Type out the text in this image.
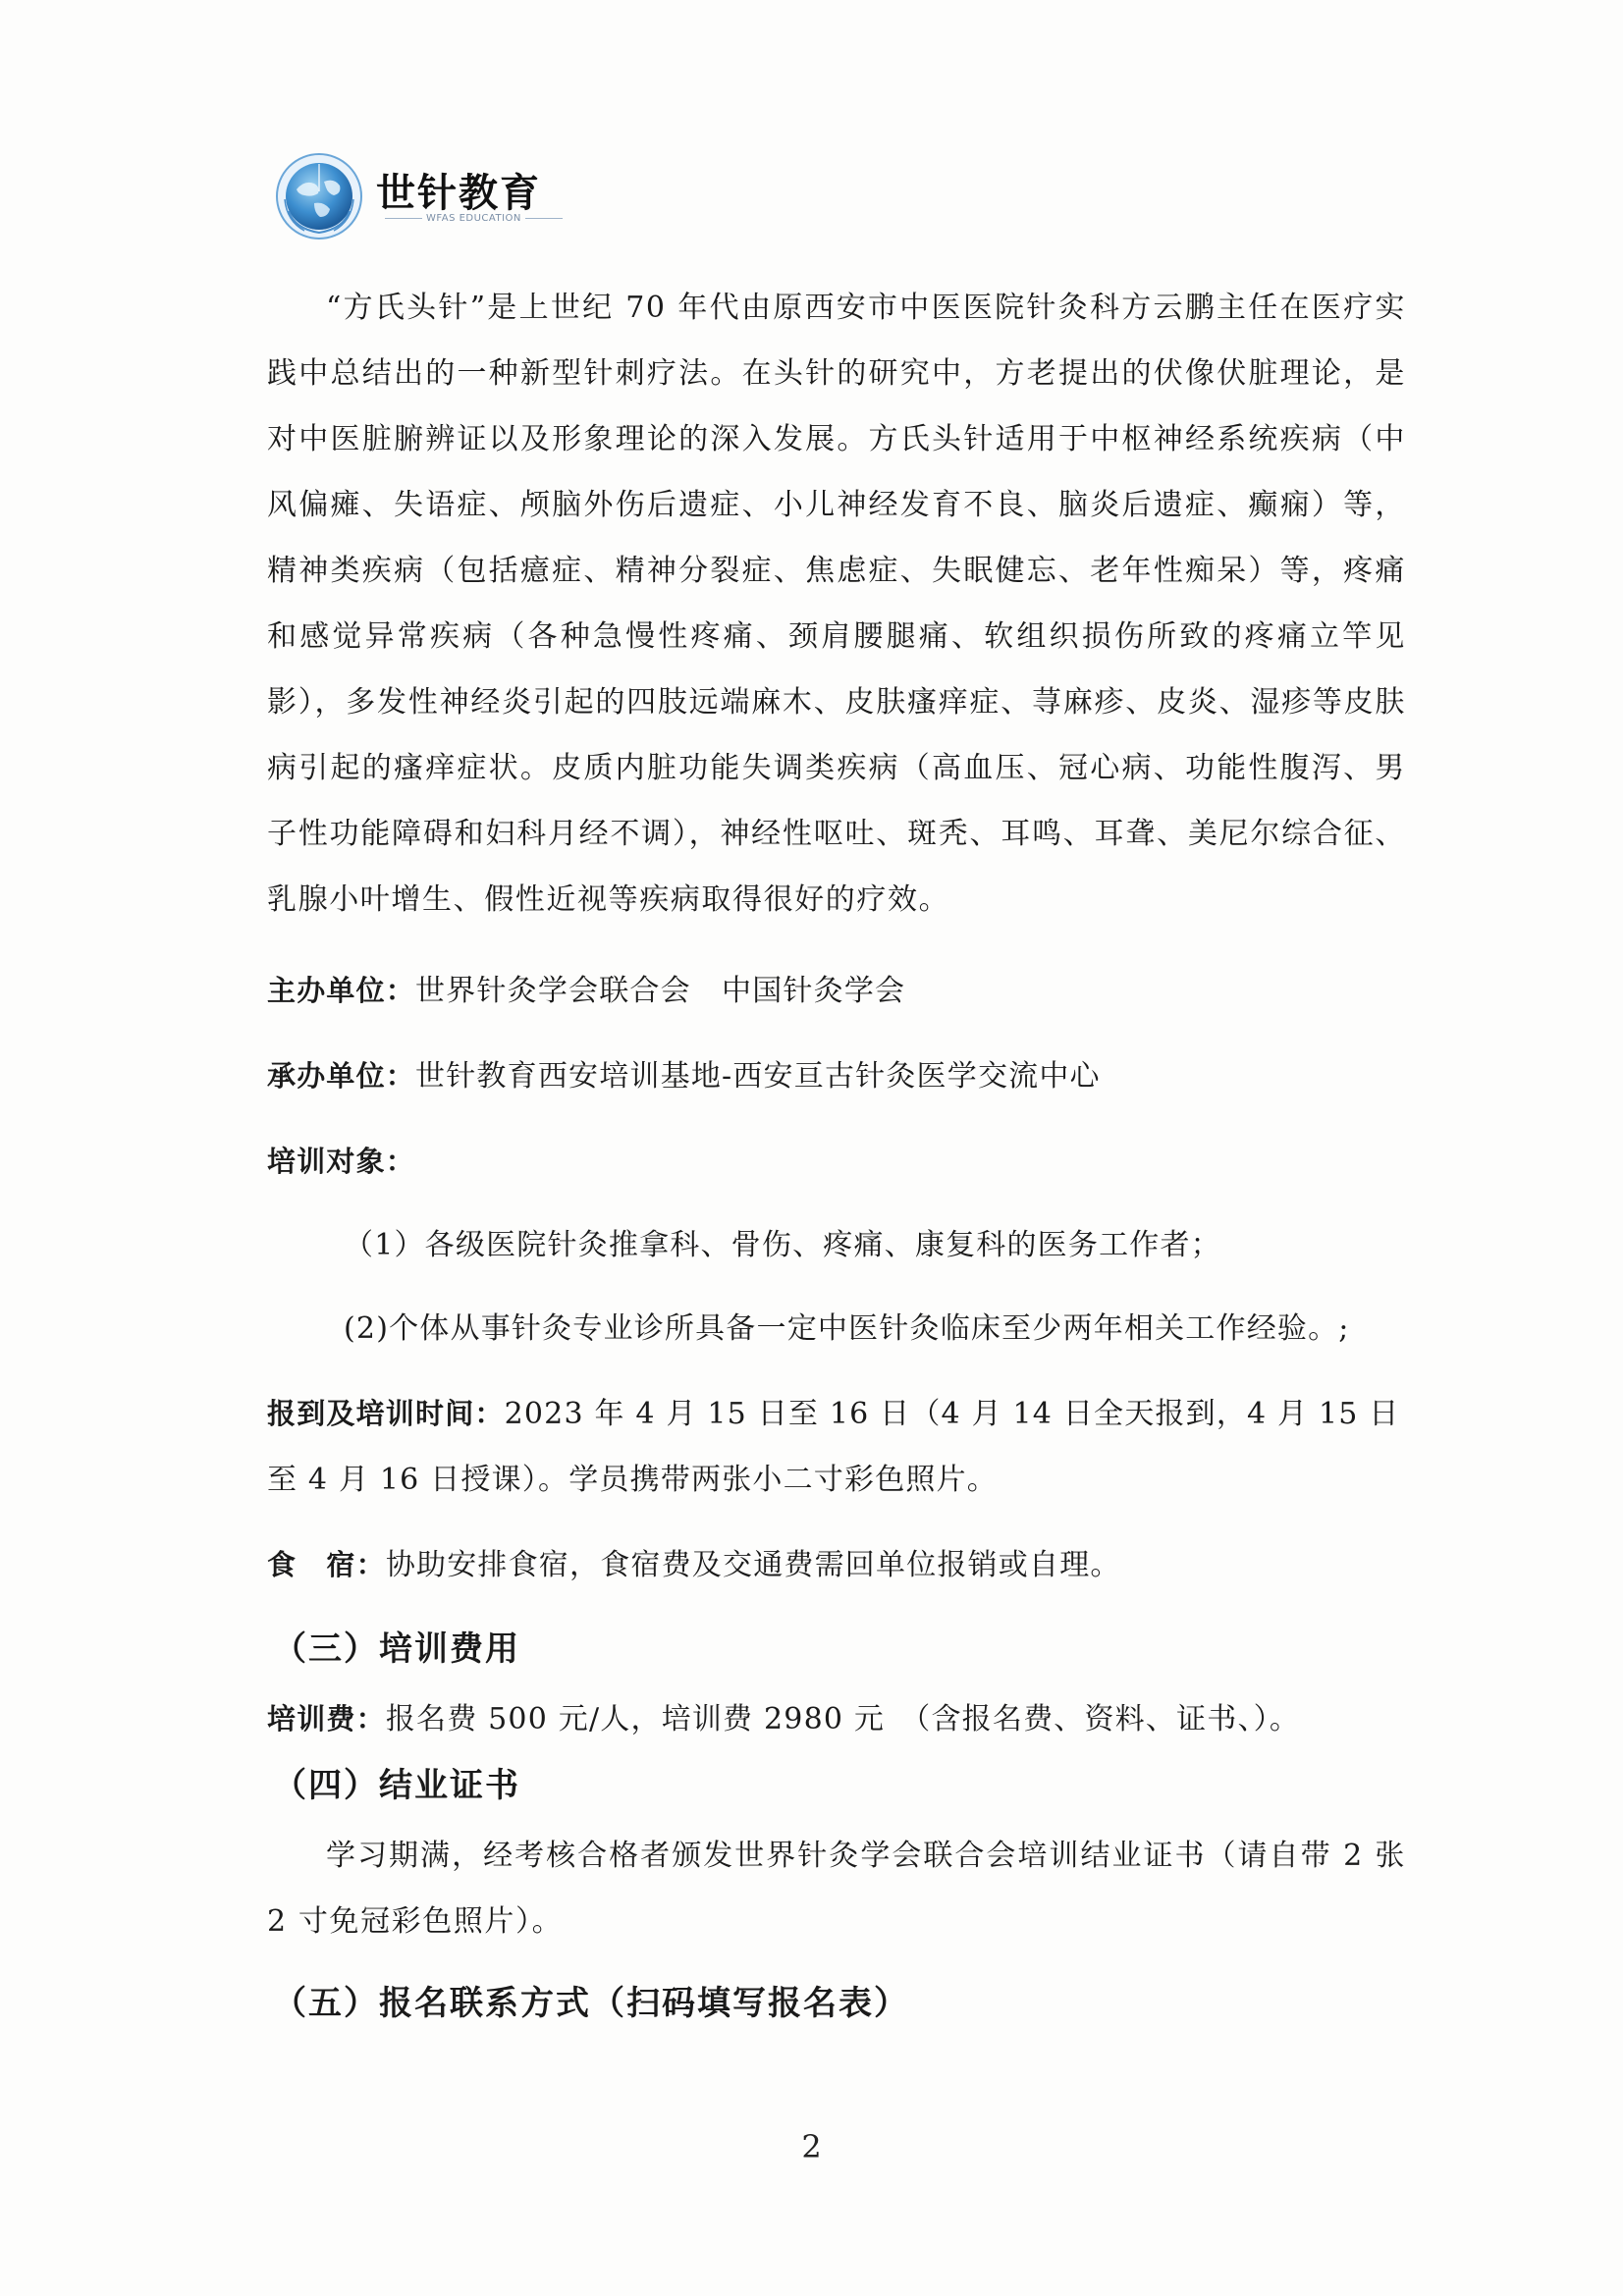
世针教育
WFAS EDUCATION

“方氏头针”是上世纪 70 年代由原西安市中医医院针灸科方云鹏主任在医疗实践中总结出的一种新型针刺疗法。在头针的研究中，方老提出的伏像伏脏理论，是对中医脏腑辨证以及形象理论的深入发展。方氏头针适用于中枢神经系统疾病（中风偏瘫、失语症、颅脑外伤后遗症、小儿神经发育不良、脑炎后遗症、癫痫）等，精神类疾病（包括癔症、精神分裂症、焦虑症、失眠健忘、老年性痴呆）等，疼痛和感觉异常疾病（各种急慢性疼痛、颈肩腰腿痛、软组织损伤所致的疼痛立竿见影），多发性神经炎引起的四肢远端麻木、皮肤瘙痒症、荨麻疹、皮炎、湿疹等皮肤病引起的瘙痒症状。皮质内脏功能失调类疾病（高血压、冠心病、功能性腹泻、男子性功能障碍和妇科月经不调），神经性呕吐、斑秃、耳鸣、耳聋、美尼尔综合征、乳腺小叶增生、假性近视等疾病取得很好的疗效。

主办单位：世界针灸学会联合会　中国针灸学会

承办单位：世针教育西安培训基地-西安亘古针灸医学交流中心

培训对象：

（1）各级医院针灸推拿科、骨伤、疼痛、康复科的医务工作者；

(2)个体从事针灸专业诊所具备一定中医针灸临床至少两年相关工作经验。;

报到及培训时间：2023 年 4 月 15 日至 16 日（4 月 14 日全天报到，4 月 15 日至 4 月 16 日授课）。学员携带两张小二寸彩色照片。

食　宿：协助安排食宿，食宿费及交通费需回单位报销或自理。

（三）培训费用

培训费：报名费 500 元/人，培训费 2980 元　（含报名费、资料、证书、）。

（四）结业证书

学习期满，经考核合格者颁发世界针灸学会联合会培训结业证书（请自带 2 张 2 寸免冠彩色照片）。

（五）报名联系方式（扫码填写报名表）
2
